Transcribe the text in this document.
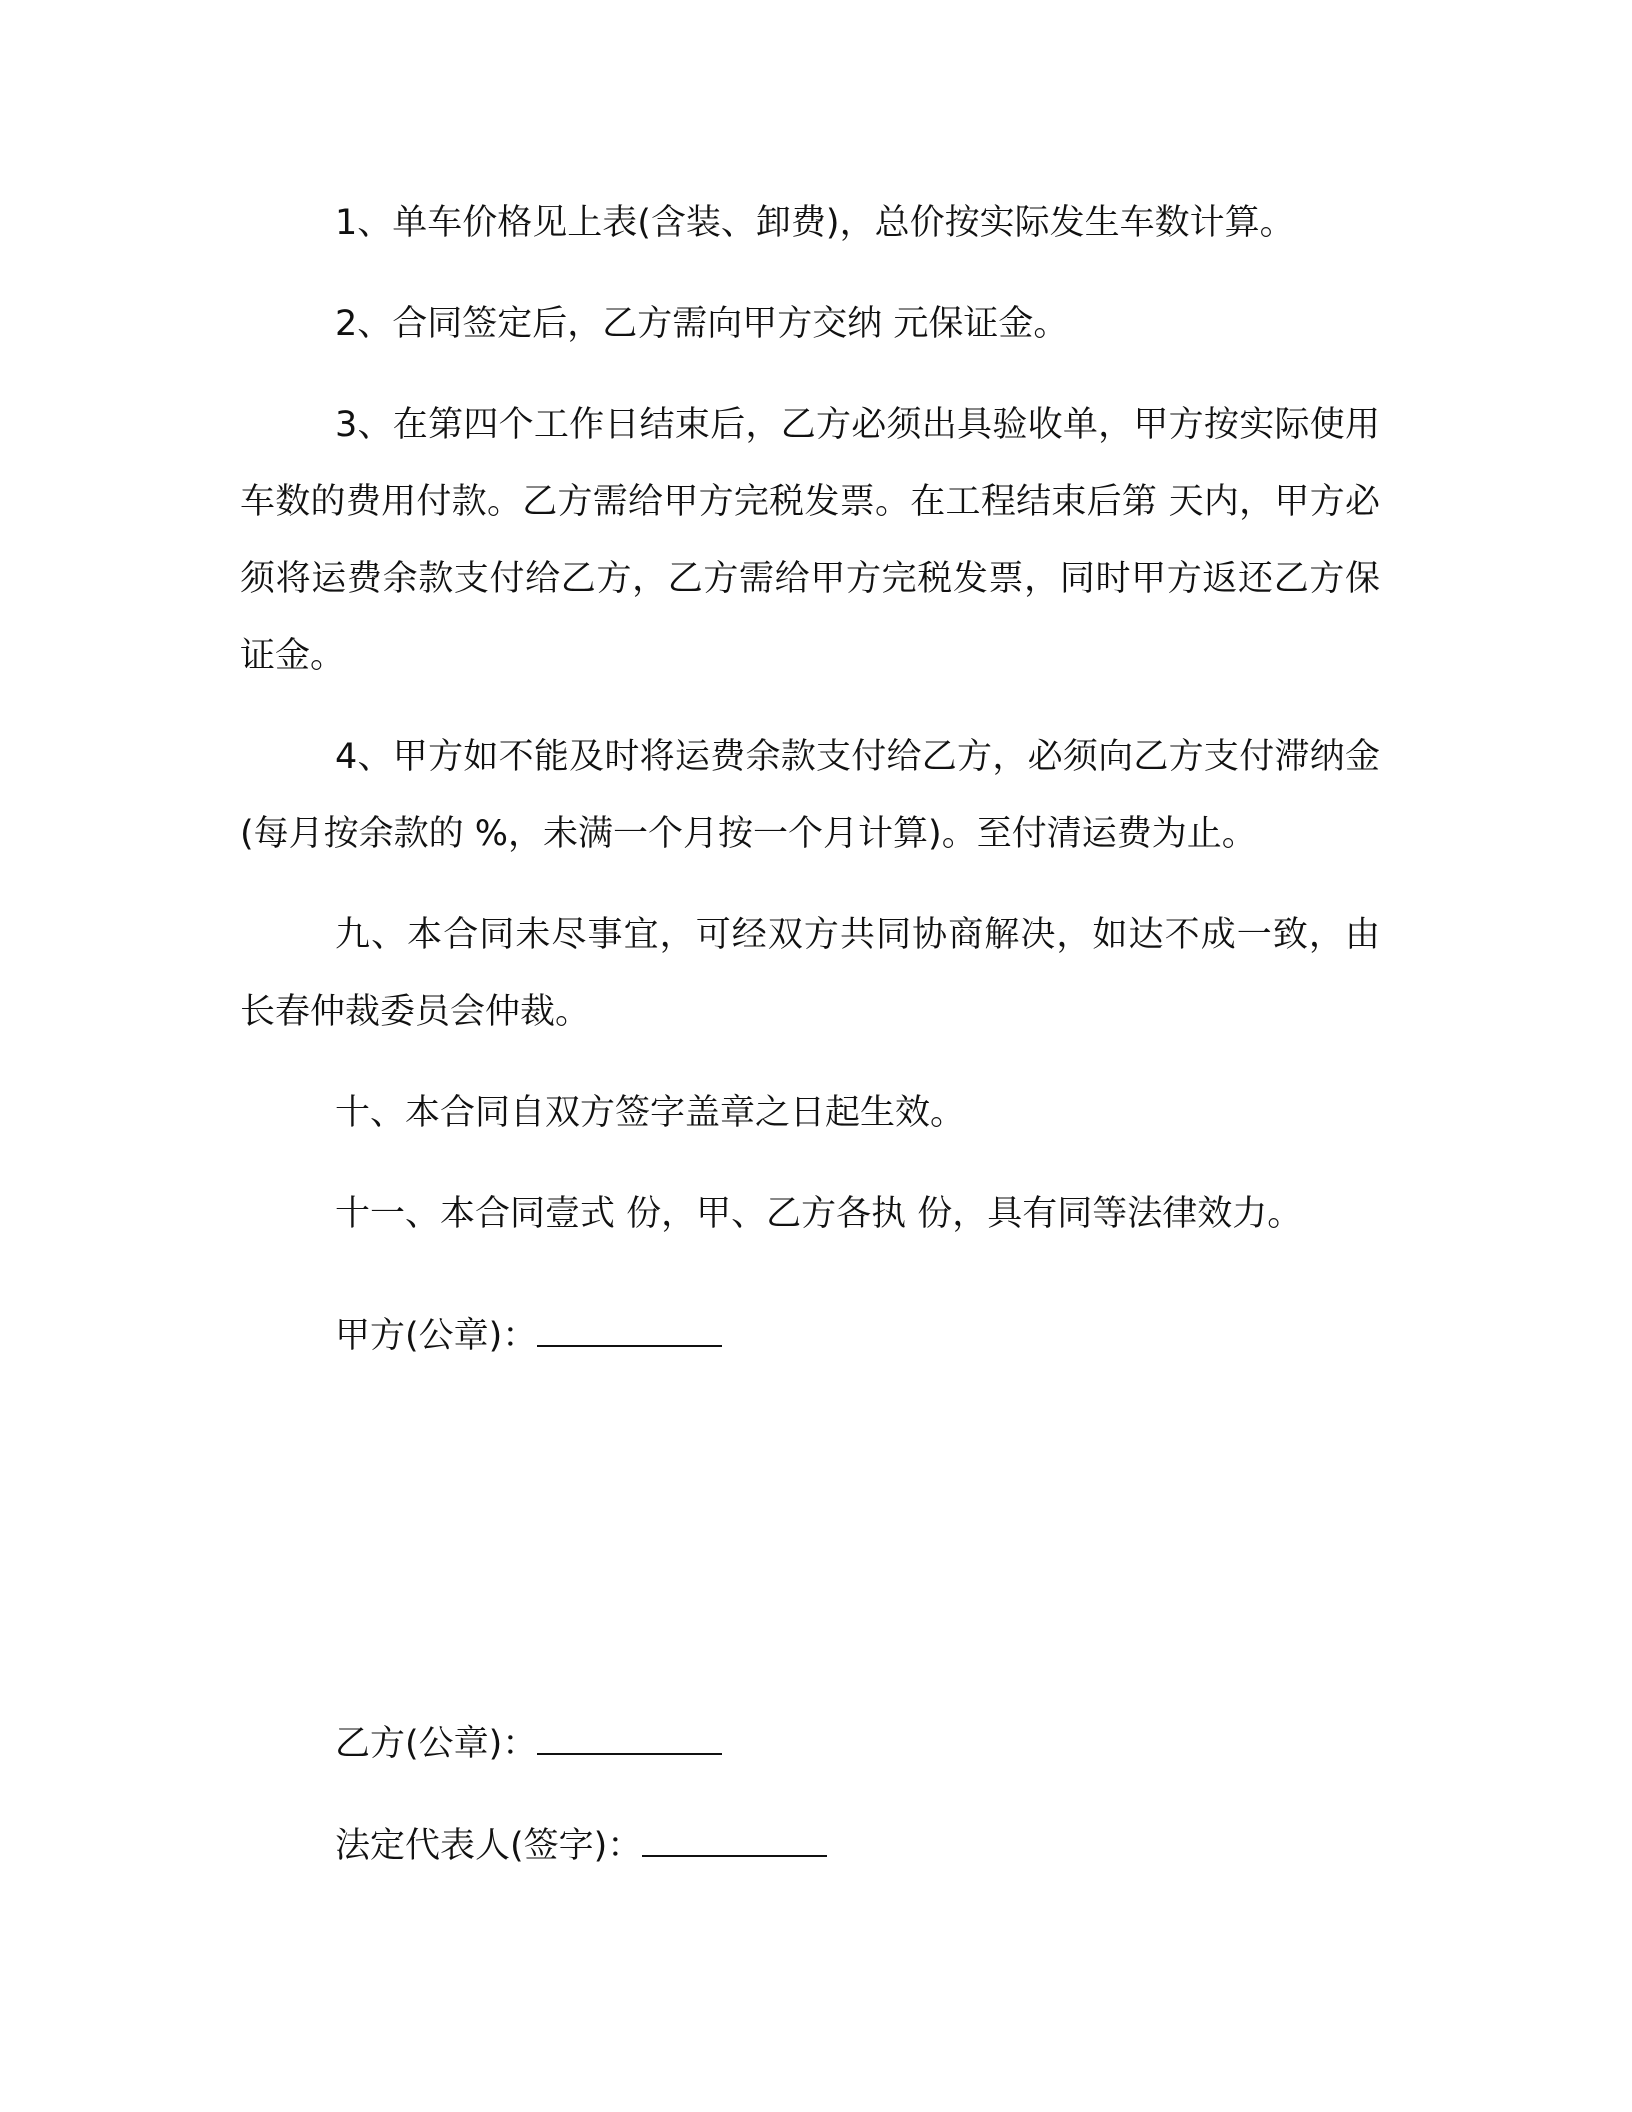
1、单车价格见上表(含装、卸费)，总价按实际发生车数计算。

2、合同签定后，乙方需向甲方交纳 元保证金。

3、在第四个工作日结束后，乙方必须出具验收单，甲方按实际使用车数的费用付款。乙方需给甲方完税发票。在工程结束后第 天内，甲方必须将运费余款支付给乙方，乙方需给甲方完税发票，同时甲方返还乙方保证金。

4、甲方如不能及时将运费余款支付给乙方，必须向乙方支付滞纳金(每月按余款的 %，未满一个月按一个月计算)。至付清运费为止。

九、本合同未尽事宜，可经双方共同协商解决，如达不成一致，由长春仲裁委员会仲裁。

十、本合同自双方签字盖章之日起生效。

十一、本合同壹式 份，甲、乙方各执 份，具有同等法律效力。

甲方(公章)：

乙方(公章)：

法定代表人(签字)：
